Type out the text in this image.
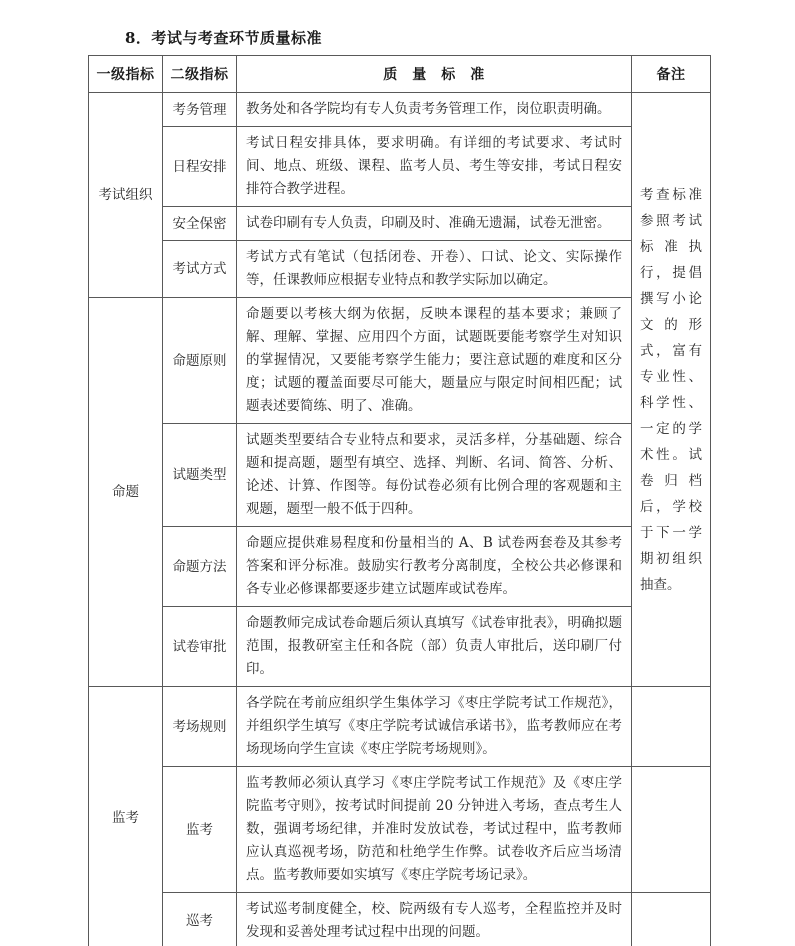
8．考试与考查环节质量标准
一级指标	二级指标	质　量　标　准	备注
考试组织	考务管理	教务处和各学院均有专人负责考务管理工作，岗位职责明确。	考查标准参照考试标准执行，提倡撰写小论文的形式，富有专业性、科学性、一定的学术性。试卷归档后，学校于下一学期初组织抽查。
	日程安排	考试日程安排具体，要求明确。有详细的考试要求、考试时间、地点、班级、课程、监考人员、考生等安排，考试日程安排符合教学进程。	
	安全保密	试卷印刷有专人负责，印刷及时、准确无遗漏，试卷无泄密。	
	考试方式	考试方式有笔试（包括闭卷、开卷）、口试、论文、实际操作等，任课教师应根据专业特点和教学实际加以确定。	
命题	命题原则	命题要以考核大纲为依据，反映本课程的基本要求；兼顾了解、理解、掌握、应用四个方面，试题既要能考察学生对知识的掌握情况，又要能考察学生能力；要注意试题的难度和区分度；试题的覆盖面要尽可能大，题量应与限定时间相匹配；试题表述要简练、明了、准确。	
	试题类型	试题类型要结合专业特点和要求，灵活多样，分基础题、综合题和提高题，题型有填空、选择、判断、名词、简答、分析、论述、计算、作图等。每份试卷必须有比例合理的客观题和主观题，题型一般不低于四种。	
	命题方法	命题应提供难易程度和份量相当的 A、B 试卷两套卷及其参考答案和评分标准。鼓励实行教考分离制度，全校公共必修课和各专业必修课都要逐步建立试题库或试卷库。	
	试卷审批	命题教师完成试卷命题后须认真填写《试卷审批表》，明确拟题范围，报教研室主任和各院（部）负责人审批后，送印刷厂付印。	
监考	考场规则	各学院在考前应组织学生集体学习《枣庄学院考试工作规范》，并组织学生填写《枣庄学院考试诚信承诺书》，监考教师应在考场现场向学生宣读《枣庄学院考场规则》。	
	监考	监考教师必须认真学习《枣庄学院考试工作规范》及《枣庄学院监考守则》，按考试时间提前 20 分钟进入考场，查点考生人数，强调考场纪律，并准时发放试卷，考试过程中，监考教师应认真巡视考场，防范和杜绝学生作弊。试卷收齐后应当场清点。监考教师要如实填写《枣庄学院考场记录》。	
	巡考	考试巡考制度健全，校、院两级有专人巡考，全程监控并及时发现和妥善处理考试过程中出现的问题。	
